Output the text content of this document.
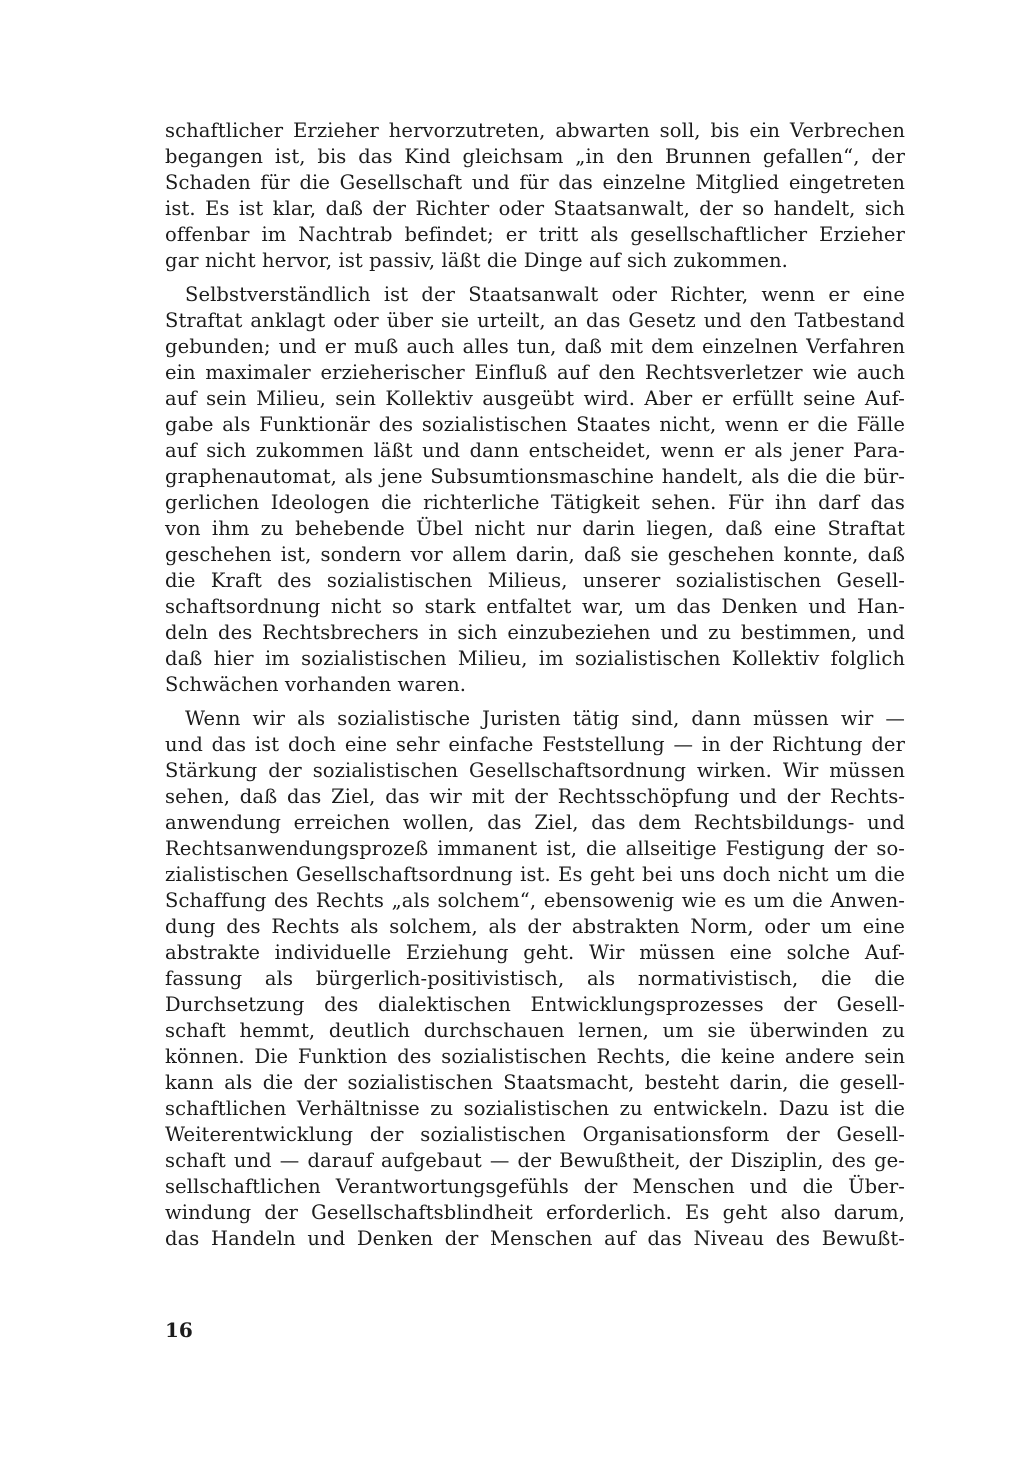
schaftlicher Erzieher hervorzutreten, abwarten soll, bis ein Verbrechen
begangen ist, bis das Kind gleichsam „in den Brunnen gefallen“, der
Schaden für die Gesellschaft und für das einzelne Mitglied eingetreten
ist. Es ist klar, daß der Richter oder Staatsanwalt, der so handelt, sich
offenbar im Nachtrab befindet; er tritt als gesellschaftlicher Erzieher
gar nicht hervor, ist passiv, läßt die Dinge auf sich zukommen.

Selbstverständlich ist der Staatsanwalt oder Richter, wenn er eine
Straftat anklagt oder über sie urteilt, an das Gesetz und den Tatbestand
gebunden; und er muß auch alles tun, daß mit dem einzelnen Verfahren
ein maximaler erzieherischer Einfluß auf den Rechtsverletzer wie auch
auf sein Milieu, sein Kollektiv ausgeübt wird. Aber er erfüllt seine Auf-
gabe als Funktionär des sozialistischen Staates nicht, wenn er die Fälle
auf sich zukommen läßt und dann entscheidet, wenn er als jener Para-
graphenautomat, als jene Subsumtionsmaschine handelt, als die die bür-
gerlichen Ideologen die richterliche Tätigkeit sehen. Für ihn darf das
von ihm zu behebende Übel nicht nur darin liegen, daß eine Straftat
geschehen ist, sondern vor allem darin, daß sie geschehen konnte, daß
die Kraft des sozialistischen Milieus, unserer sozialistischen Gesell-
schaftsordnung nicht so stark entfaltet war, um das Denken und Han-
deln des Rechtsbrechers in sich einzubeziehen und zu bestimmen, und
daß hier im sozialistischen Milieu, im sozialistischen Kollektiv folglich
Schwächen vorhanden waren.

Wenn wir als sozialistische Juristen tätig sind, dann müssen wir —
und das ist doch eine sehr einfache Feststellung — in der Richtung der
Stärkung der sozialistischen Gesellschaftsordnung wirken. Wir müssen
sehen, daß das Ziel, das wir mit der Rechtsschöpfung und der Rechts-
anwendung erreichen wollen, das Ziel, das dem Rechtsbildungs- und
Rechtsanwendungsprozeß immanent ist, die allseitige Festigung der so-
zialistischen Gesellschaftsordnung ist. Es geht bei uns doch nicht um die
Schaffung des Rechts „als solchem“, ebensowenig wie es um die Anwen-
dung des Rechts als solchem, als der abstrakten Norm, oder um eine
abstrakte individuelle Erziehung geht. Wir müssen eine solche Auf-
fassung als bürgerlich-positivistisch, als normativistisch, die die
Durchsetzung des dialektischen Entwicklungsprozesses der Gesell-
schaft hemmt, deutlich durchschauen lernen, um sie überwinden zu
können. Die Funktion des sozialistischen Rechts, die keine andere sein
kann als die der sozialistischen Staatsmacht, besteht darin, die gesell-
schaftlichen Verhältnisse zu sozialistischen zu entwickeln. Dazu ist die
Weiterentwicklung der sozialistischen Organisationsform der Gesell-
schaft und — darauf aufgebaut — der Bewußtheit, der Disziplin, des ge-
sellschaftlichen Verantwortungsgefühls der Menschen und die Über-
windung der Gesellschaftsblindheit erforderlich. Es geht also darum,
das Handeln und Denken der Menschen auf das Niveau des Bewußt-

16
